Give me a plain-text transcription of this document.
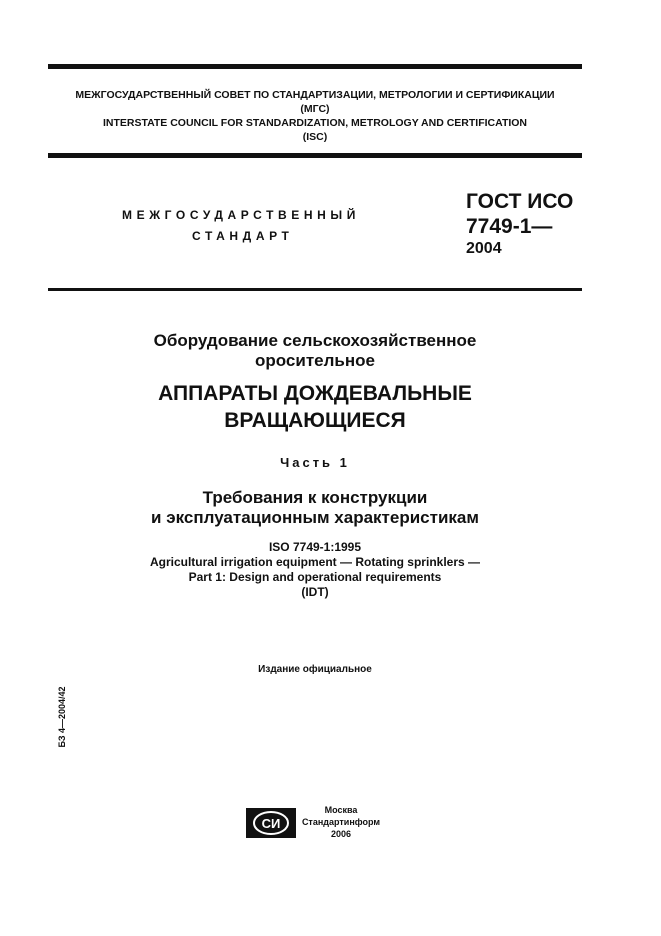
МЕЖГОСУДАРСТВЕННЫЙ СОВЕТ ПО СТАНДАРТИЗАЦИИ, МЕТРОЛОГИИ И СЕРТИФИКАЦИИ
(МГС)
INTERSTATE COUNCIL FOR STANDARDIZATION, METROLOGY AND CERTIFICATION
(ISC)
МЕЖГОСУДАРСТВЕННЫЙ
СТАНДАРТ
ГОСТ ИСО
7749-1—
2004
Оборудование сельскохозяйственное
оросительное
АППАРАТЫ ДОЖДЕВАЛЬНЫЕ
ВРАЩАЮЩИЕСЯ
Часть 1
Требования к конструкции
и эксплуатационным характеристикам
ISO 7749-1:1995
Agricultural irrigation equipment — Rotating sprinklers —
Part 1: Design and operational requirements
(IDT)
Издание официальное
БЗ 4—2004/42
СИ
Москва
Стандартинформ
2006
